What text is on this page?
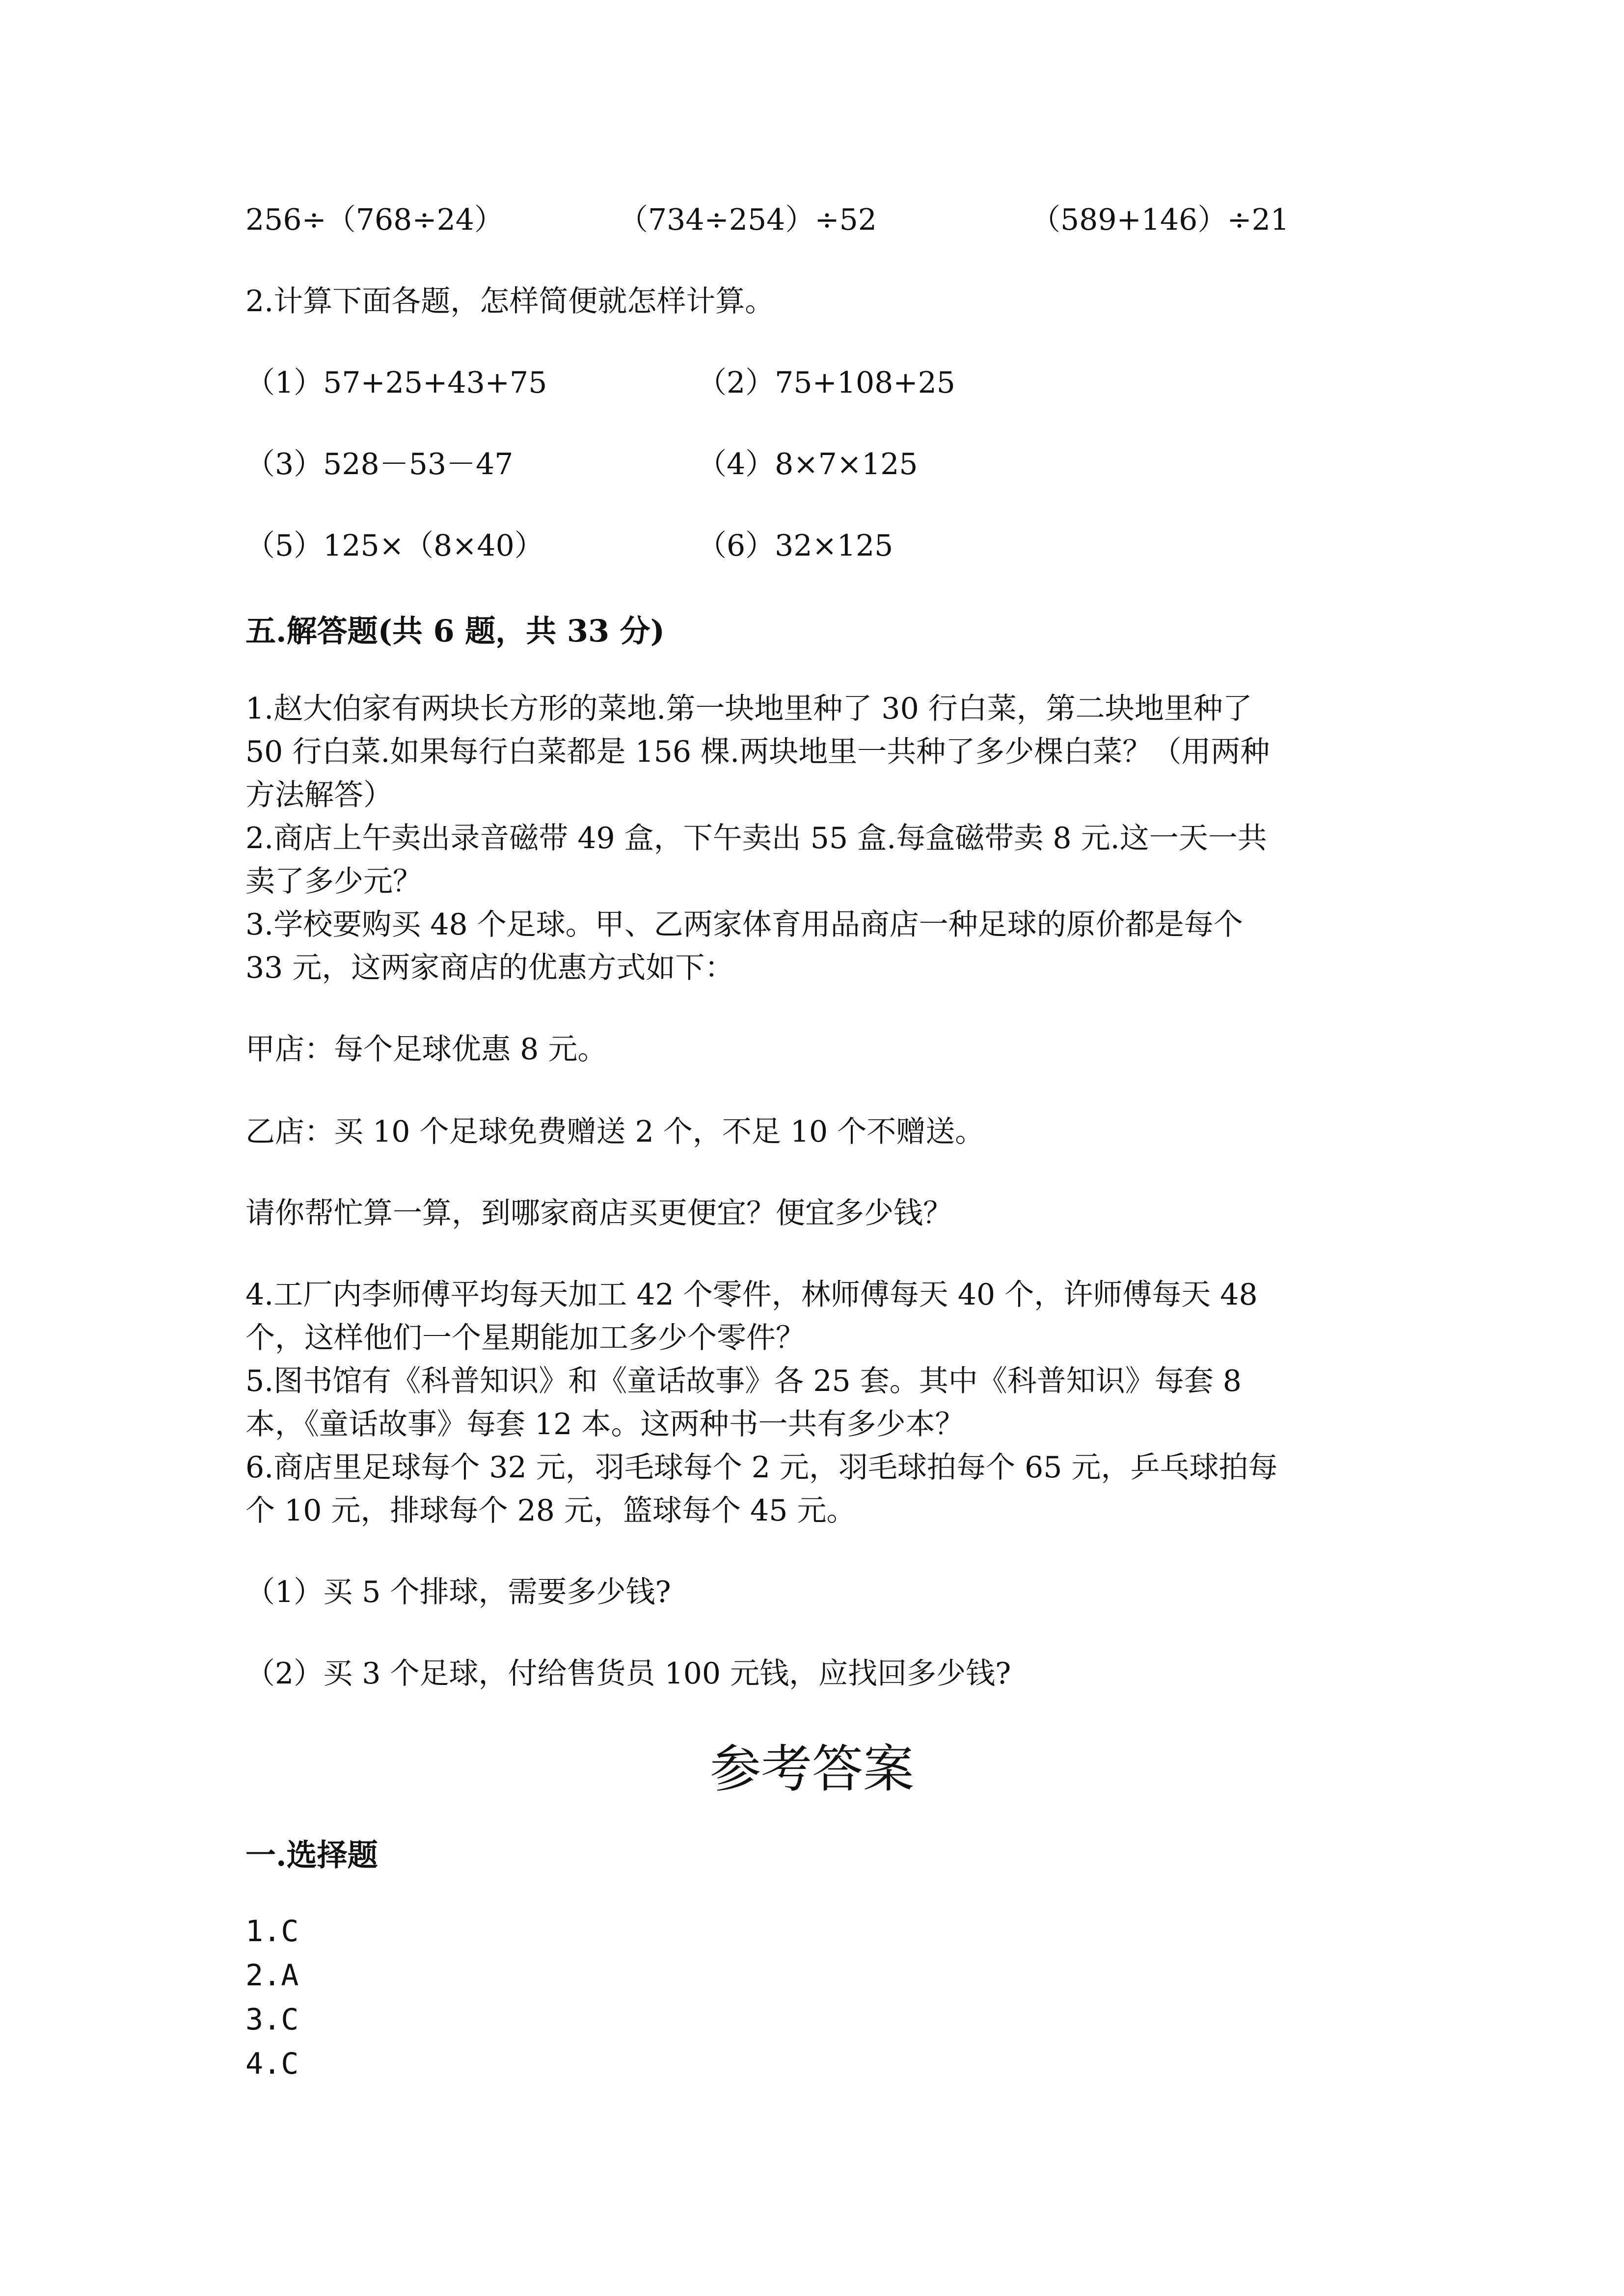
256÷（768÷24）	（734÷254）÷52	（589+146）÷21

2.计算下面各题，怎样简便就怎样计算。

（1）57+25+43+75	（2）75+108+25

（3）528－53－47	（4）8×7×125

（5）125×（8×40）	（6）32×125

五.解答题(共 6 题，共 33 分)

1.赵大伯家有两块长方形的菜地.第一块地里种了 30 行白菜，第二块地里种了

50 行白菜.如果每行白菜都是 156 棵.两块地里一共种了多少棵白菜？（用两种

方法解答）

2.商店上午卖出录音磁带 49 盒，下午卖出 55 盒.每盒磁带卖 8 元.这一天一共

卖了多少元？

3.学校要购买 48 个足球。甲、乙两家体育用品商店一种足球的原价都是每个

33 元，这两家商店的优惠方式如下：

甲店：每个足球优惠 8 元。

乙店：买 10 个足球免费赠送 2 个，不足 10 个不赠送。

请你帮忙算一算，到哪家商店买更便宜？便宜多少钱？

4.工厂内李师傅平均每天加工 42 个零件，林师傅每天 40 个，许师傅每天 48

个，这样他们一个星期能加工多少个零件？

5.图书馆有《科普知识》和《童话故事》各 25 套。其中《科普知识》每套 8

本，《童话故事》每套 12 本。这两种书一共有多少本？

6.商店里足球每个 32 元，羽毛球每个 2 元，羽毛球拍每个 65 元，乒乓球拍每

个 10 元，排球每个 28 元，篮球每个 45 元。

（1）买 5 个排球，需要多少钱?

（2）买 3 个足球，付给售货员 100 元钱，应找回多少钱?

参考答案

一.选择题

1.C

2.A

3.C

4.C
